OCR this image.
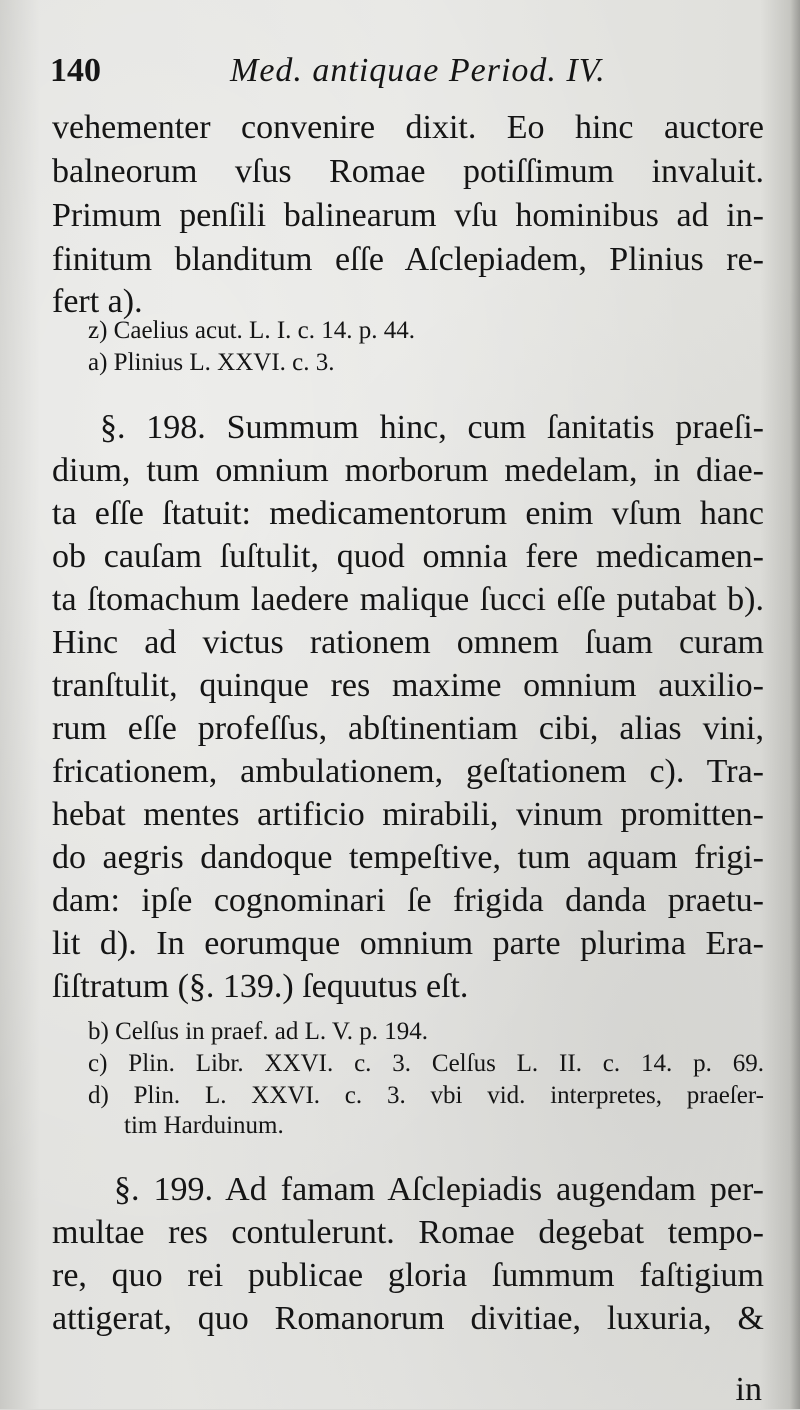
140	Med. antiquae Period. IV.
vehementer convenire dixit. Eo hinc auctore
balneorum vſus Romae potiſſimum invaluit.
Primum penſili balinearum vſu hominibus ad in-
finitum blanditum eſſe Aſclepiadem, Plinius re-
fert a).
z) Caelius acut. L. I. c. 14. p. 44.
a) Plinius L. XXVI. c. 3.
§. 198. Summum hinc, cum ſanitatis praeſi-
dium, tum omnium morborum medelam, in diae-
ta eſſe ſtatuit: medicamentorum enim vſum hanc
ob cauſam ſuſtulit, quod omnia fere medicamen-
ta ſtomachum laedere malique ſucci eſſe putabat b).
Hinc ad victus rationem omnem ſuam curam
tranſtulit, quinque res maxime omnium auxilio-
rum eſſe profeſſus, abſtinentiam cibi, alias vini,
fricationem, ambulationem, geſtationem c). Tra-
hebat mentes artificio mirabili, vinum promitten-
do aegris dandoque tempeſtive, tum aquam frigi-
dam: ipſe cognominari ſe frigida danda praetu-
lit d). In eorumque omnium parte plurima Era-
ſiſtratum (§. 139.) ſequutus eſt.
b) Celſus in praef. ad L. V. p. 194.
c) Plin. Libr. XXVI. c. 3. Celſus L. II. c. 14. p. 69.
d) Plin. L. XXVI. c. 3. vbi vid. interpretes, praeſer-
tim Harduinum.
§. 199. Ad famam Aſclepiadis augendam per-
multae res contulerunt. Romae degebat tempo-
re, quo rei publicae gloria ſummum faſtigium
attigerat, quo Romanorum divitiae, luxuria, &
in
